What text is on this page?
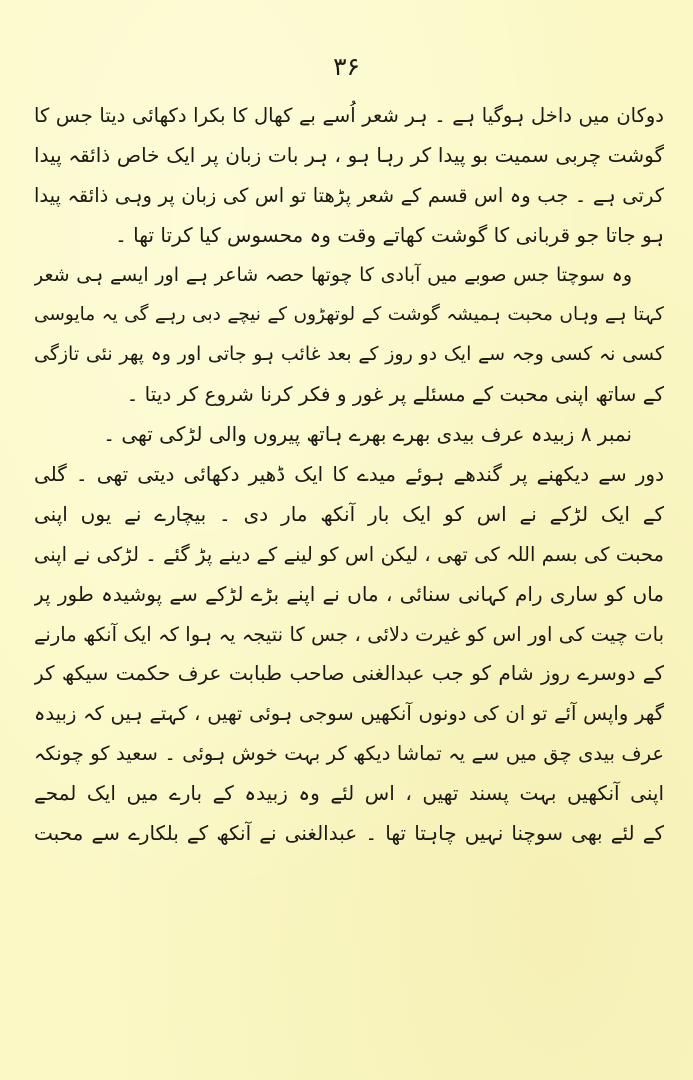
۳۶
دوکان میں داخل ہوگیا ہے ۔ ہر شعر اُسے بے کھال کا بکرا دکھائی دیتا جس کا
گوشت چربی سمیت بو پیدا کر رہا ہو ، ہر بات زبان پر ایک خاص ذائقہ پیدا
کرتی ہے ۔ جب وہ اس قسم کے شعر پڑھتا تو اس کی زبان پر وہی ذائقہ پیدا
ہو جاتا جو قربانی کا گوشت کھاتے وقت وہ محسوس کیا کرتا تھا ۔
وہ سوچتا جس صوبے میں آبادی کا چوتھا حصہ شاعر ہے اور ایسے ہی شعر
کہتا ہے وہاں محبت ہمیشہ گوشت کے لوتھڑوں کے نیچے دبی رہے گی یہ مایوسی
کسی نہ کسی وجہ سے ایک دو روز کے بعد غائب ہو جاتی اور وہ پھر نئی تازگی
کے ساتھ اپنی محبت کے مسئلے پر غور و فکر کرنا شروع کر دیتا ۔
نمبر ۸ زبیدہ عرف بیدی بھرے بھرے ہاتھ پیروں والی لڑکی تھی ۔
دور سے دیکھنے پر گندھے ہوئے میدے کا ایک ڈھیر دکھائی دیتی تھی ۔ گلی
کے ایک لڑکے نے اس کو ایک بار آنکھ مار دی ۔ بیچارے نے یوں اپنی
محبت کی بسم اللہ کی تھی ، لیکن اس کو لینے کے دینے پڑ گئے ۔ لڑکی نے اپنی
ماں کو ساری رام کہانی سنائی ، ماں نے اپنے بڑے لڑکے سے پوشیدہ طور پر
بات چیت کی اور اس کو غیرت دلائی ، جس کا نتیجہ یہ ہوا کہ ایک آنکھ مارنے
کے دوسرے روز شام کو جب عبدالغنی صاحب طبابت عرف حکمت سیکھ کر
گھر واپس آئے تو ان کی دونوں آنکھیں سوجی ہوئی تھیں ، کہتے ہیں کہ زبیدہ
عرف بیدی چق میں سے یہ تماشا دیکھ کر بہت خوش ہوئی ۔ سعید کو چونکہ
اپنی آنکھیں بہت پسند تھیں ، اس لئے وہ زبیدہ کے بارے میں ایک لمحے
کے لئے بھی سوچنا نہیں چاہتا تھا ۔ عبدالغنی نے آنکھ کے بلکارے سے محبت
